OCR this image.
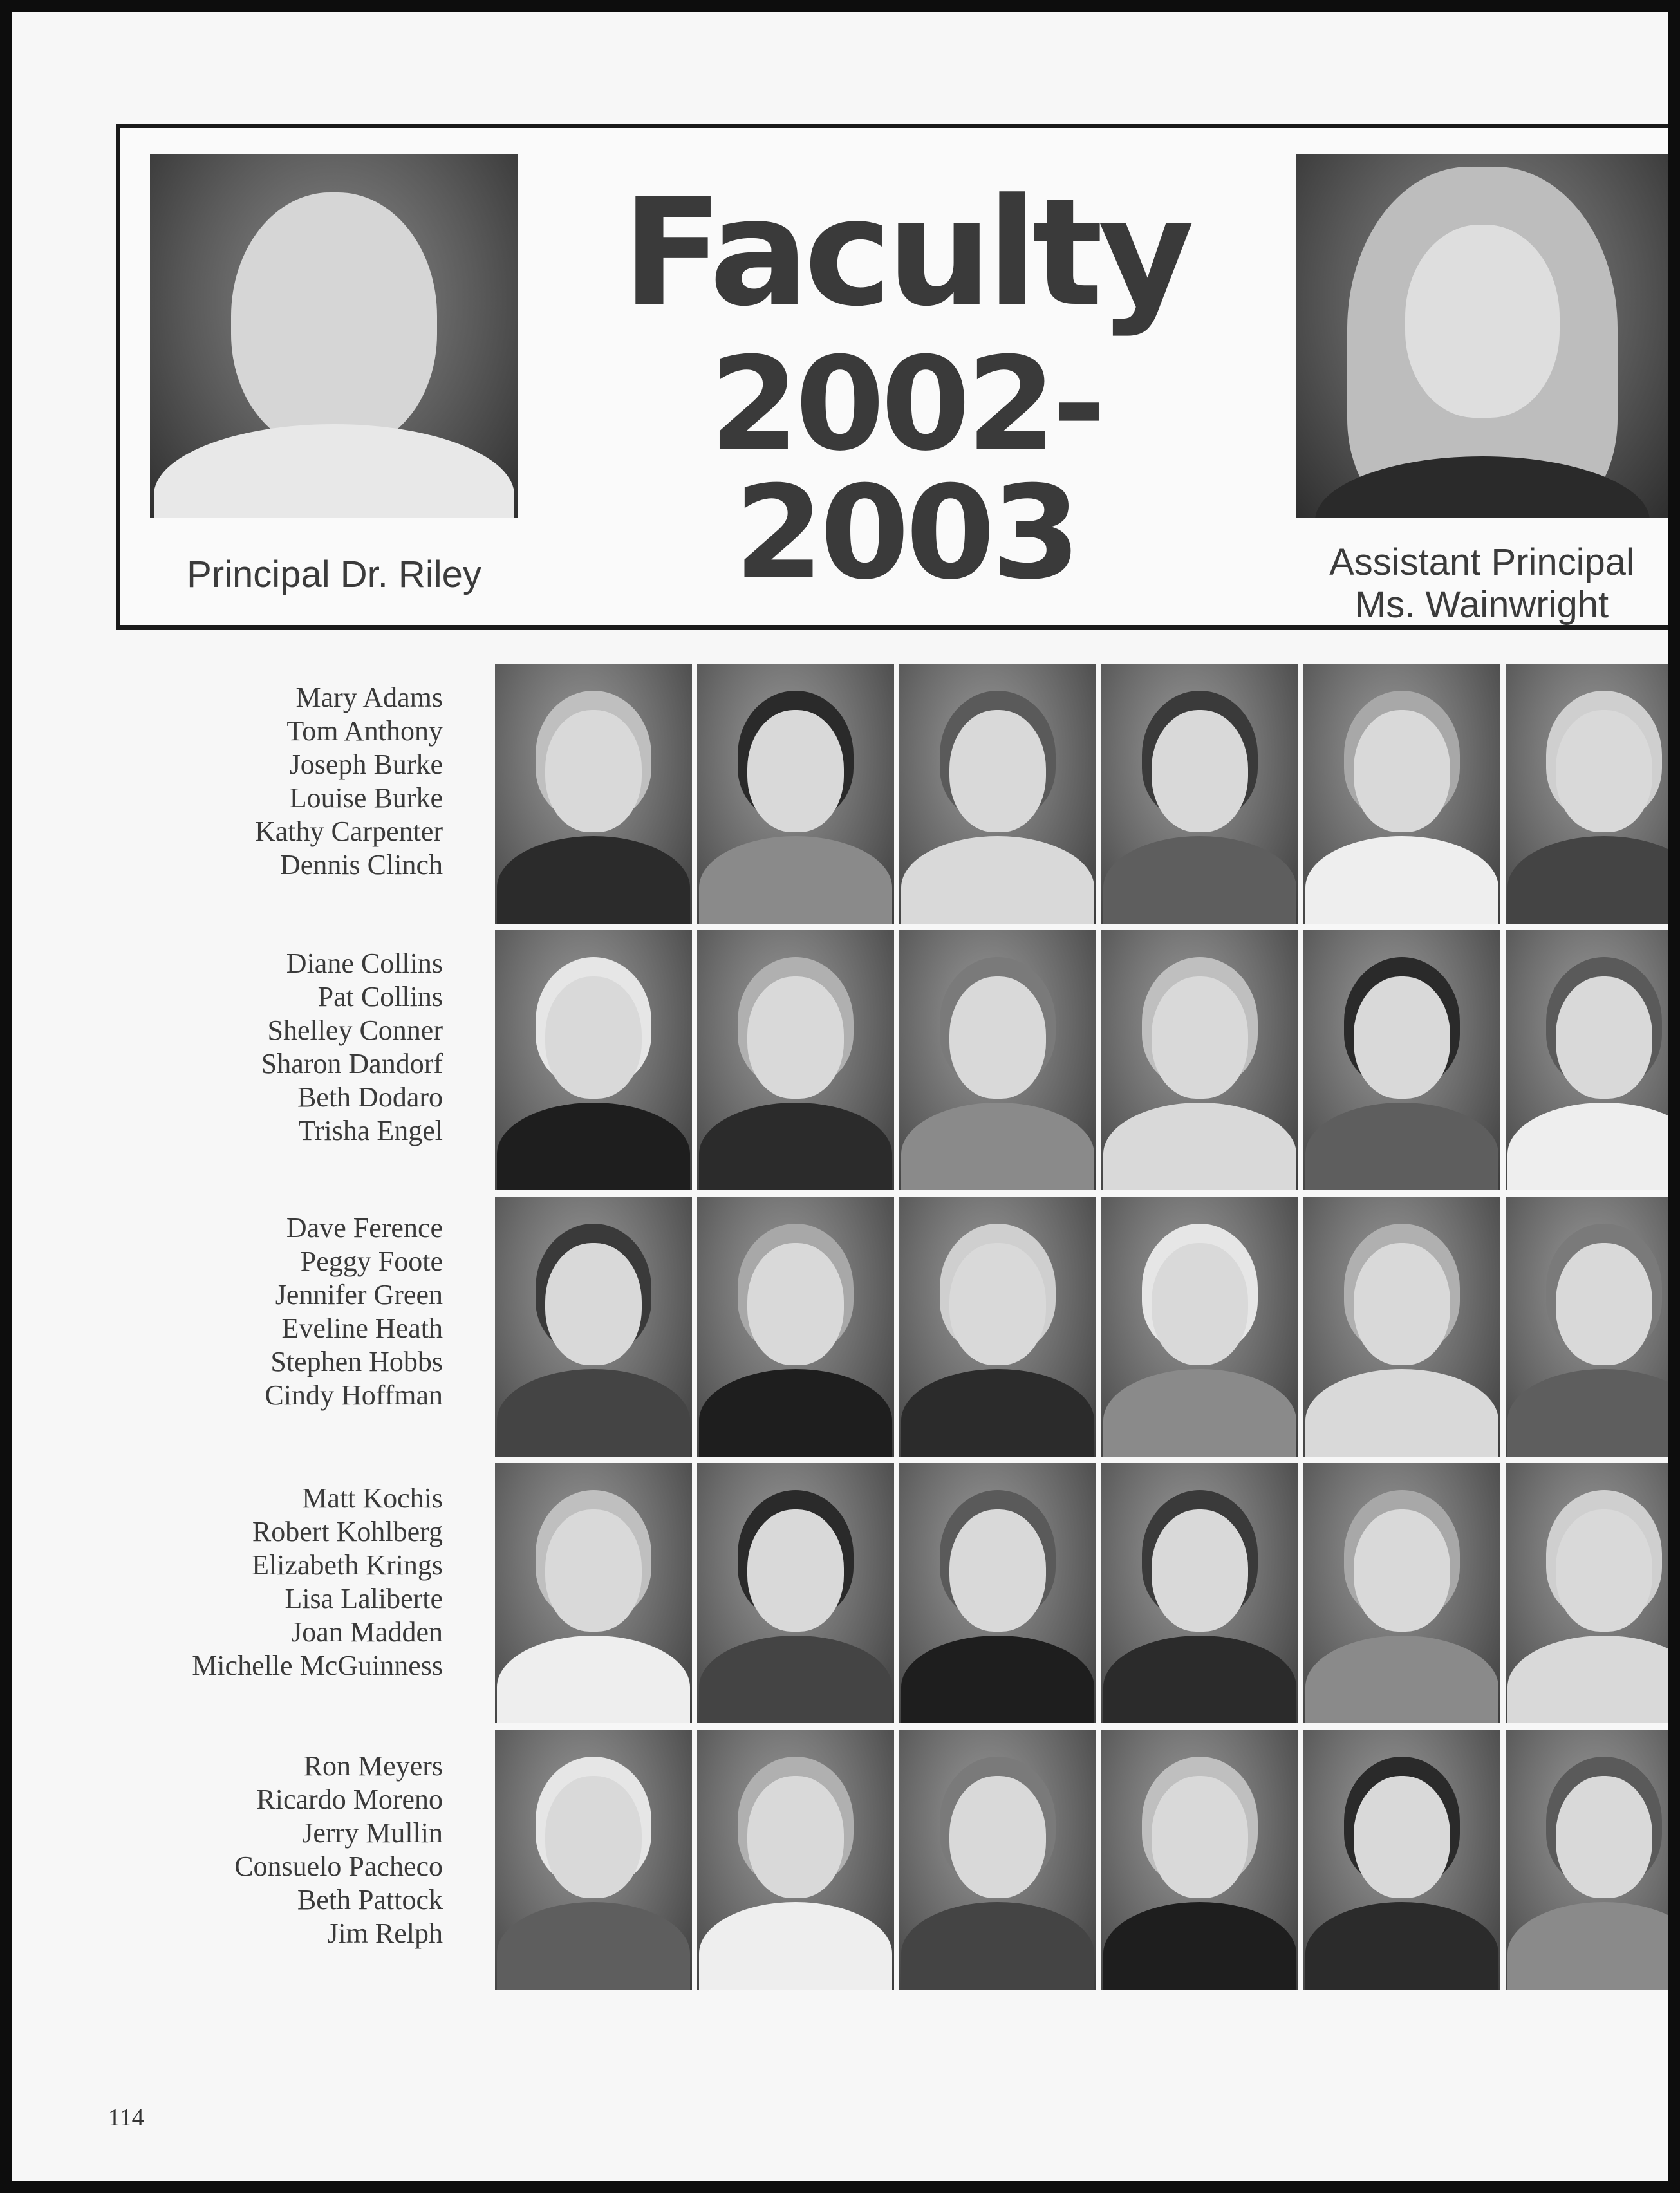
Principal Dr. Riley
Faculty
2002-2003	Assistant Principal
Ms. Wainwright
Mary Adams
Tom Anthony
Joseph Burke
Louise Burke
Kathy Carpenter
Dennis Clinch
Diane Collins
Pat Collins
Shelley Conner
Sharon Dandorf
Beth Dodaro
Trisha Engel
Dave Ference
Peggy Foote
Jennifer Green
Eveline Heath
Stephen Hobbs
Cindy Hoffman
Matt Kochis
Robert Kohlberg
Elizabeth Krings
Lisa Laliberte
Joan Madden
Michelle McGuinness
Ron Meyers
Ricardo Moreno
Jerry Mullin
Consuelo Pacheco
Beth Pattock
Jim Relph
114
